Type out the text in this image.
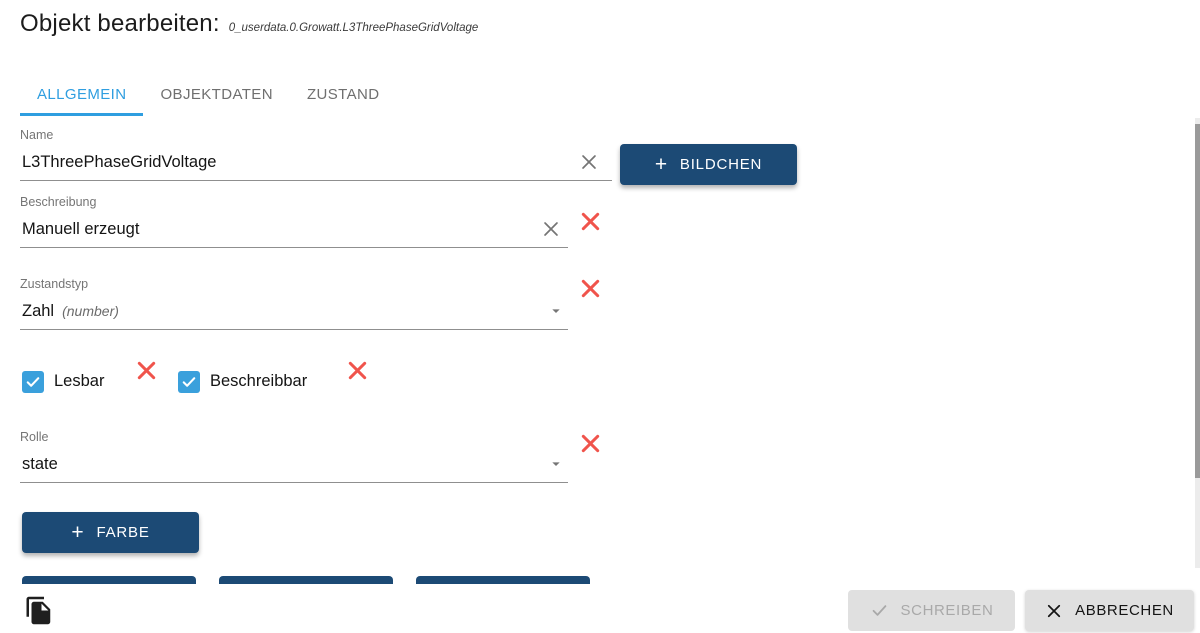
Objekt bearbeiten: 0_userdata.0.Growatt.L3ThreePhaseGridVoltage
ALLGEMEIN	OBJEKTDATEN	ZUSTAND
Name
L3ThreePhaseGridVoltage
+ BILDCHEN
Beschreibung
Manuell erzeugt
Zustandstyp
Zahl (number)
Lesbar	Beschreibbar
Rolle
state
+ FARBE
SCHREIBEN	ABBRECHEN
